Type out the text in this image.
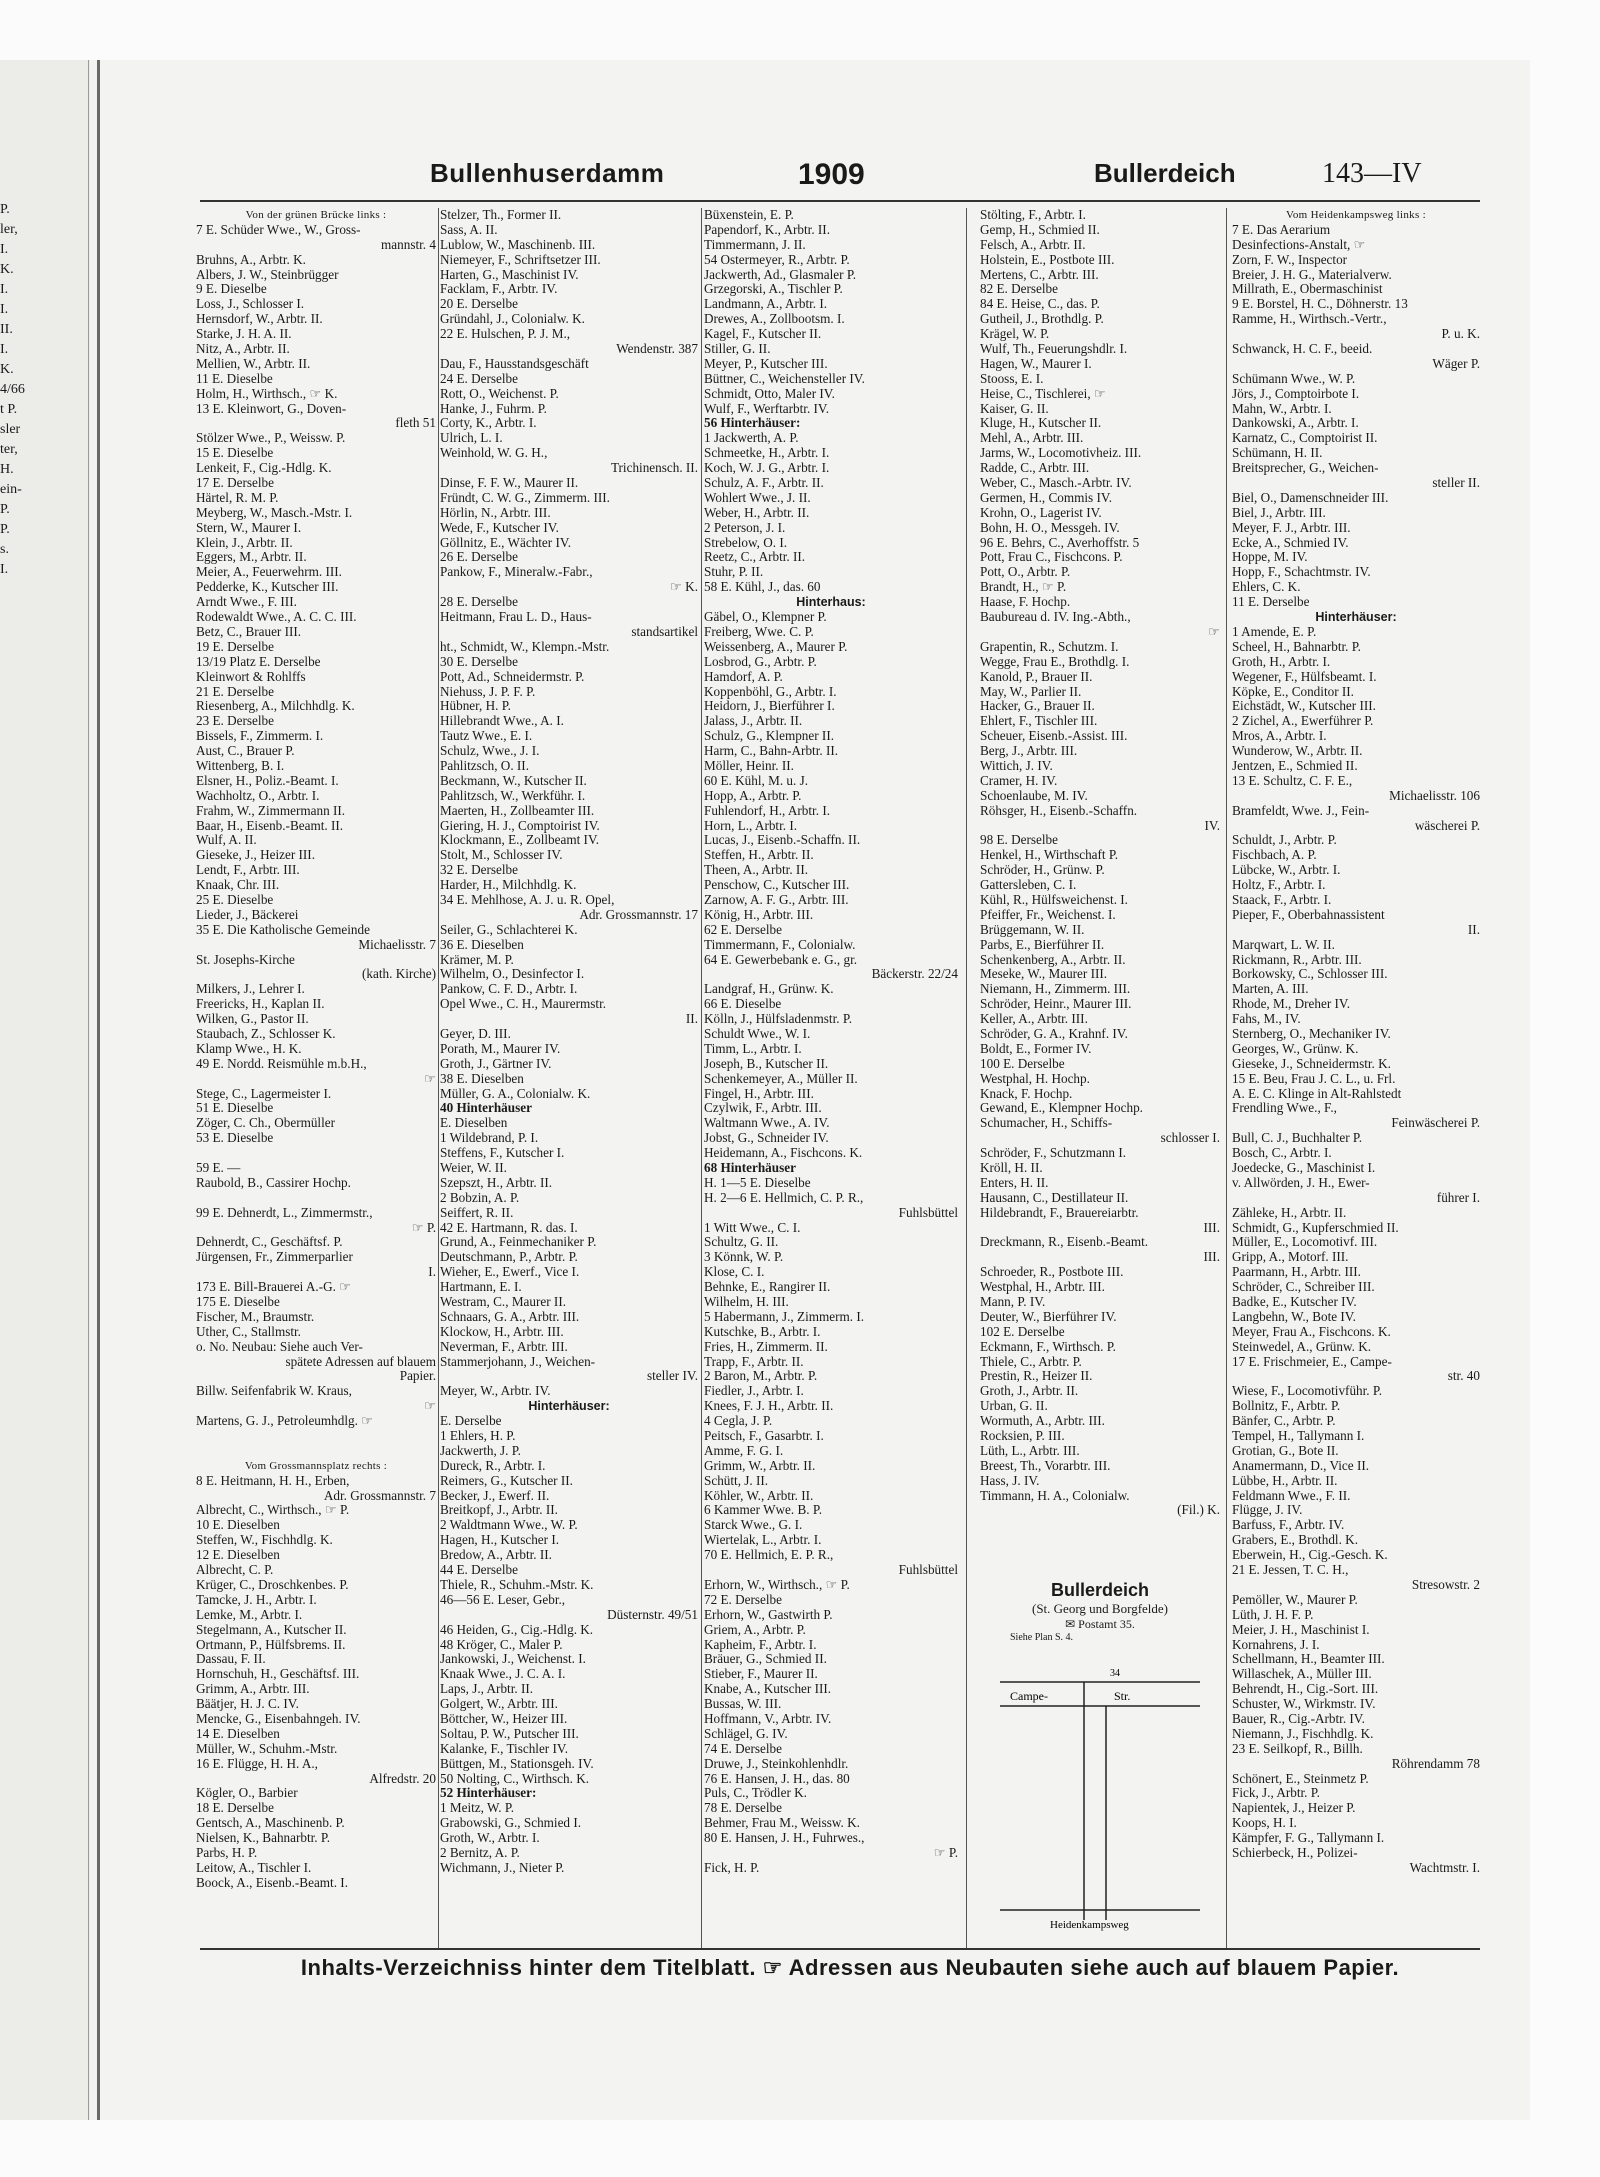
P.
ler,
I.
K.
I.
I.
II.
I.
K.
4/66
t P.
sler
ter,
H.
ein-
P.
P.
s.
I.
Bullenhuserdamm	1909	Bullerdeich	143—IV
Von der grünen Brücke links :
7 E. Schüder Wwe., W., Gross-
mannstr. 4
Bruhns, A., Arbtr. K.
Albers, J. W., Steinbrügger
9 E. Dieselbe
Loss, J., Schlosser I.
Hernsdorf, W., Arbtr. II.
Starke, J. H. A. II.
Nitz, A., Arbtr. II.
Mellien, W., Arbtr. II.
11 E. Dieselbe
Holm, H., Wirthsch., ☞ K.
13 E. Kleinwort, G., Doven-
fleth 51
Stölzer Wwe., P., Weissw. P.
15 E. Dieselbe
Lenkeit, F., Cig.-Hdlg. K.
17 E. Derselbe
Härtel, R. M. P.
Meyberg, W., Masch.-Mstr. I.
Stern, W., Maurer I.
Klein, J., Arbtr. II.
Eggers, M., Arbtr. II.
Meier, A., Feuerwehrm. III.
Pedderke, K., Kutscher III.
Arndt Wwe., F. III.
Rodewaldt Wwe., A. C. C. III.
Betz, C., Brauer III.
19 E. Derselbe
13/19 Platz E. Derselbe
Kleinwort & Rohlffs
21 E. Derselbe
Riesenberg, A., Milchhdlg. K.
23 E. Derselbe
Bissels, F., Zimmerm. I.
Aust, C., Brauer P.
Wittenberg, B. I.
Elsner, H., Poliz.-Beamt. I.
Wachholtz, O., Arbtr. I.
Frahm, W., Zimmermann II.
Baar, H., Eisenb.-Beamt. II.
Wulf, A. II.
Gieseke, J., Heizer III.
Lendt, F., Arbtr. III.
Knaak, Chr. III.
25 E. Dieselbe
Lieder, J., Bäckerei
35 E. Die Katholische Gemeinde
Michaelisstr. 7
St. Josephs-Kirche
(kath. Kirche)
Milkers, J., Lehrer I.
Freericks, H., Kaplan II.
Wilken, G., Pastor II.
Staubach, Z., Schlosser K.
Klamp Wwe., H. K.
49 E. Nordd. Reismühle m.b.H.,
☞
Stege, C., Lagermeister I.
51 E. Dieselbe
Zöger, C. Ch., Obermüller
53 E. Dieselbe
59 E. —
Raubold, B., Cassirer Hochp.
99 E. Dehnerdt, L., Zimmermstr.,
☞ P.
Dehnerdt, C., Geschäftsf. P.
Jürgensen, Fr., Zimmerparlier
I.
173 E. Bill-Brauerei A.-G. ☞
175 E. Dieselbe
Fischer, M., Braumstr.
Uther, C., Stallmstr.
o. No. Neubau: Siehe auch Ver-
spätete Adressen auf blauem
Papier.
Billw. Seifenfabrik W. Kraus,
☞
Martens, G. J., Petroleumhdlg. ☞
Vom Grossmannsplatz rechts :
8 E. Heitmann, H. H., Erben,
Adr. Grossmannstr. 7
Albrecht, C., Wirthsch., ☞ P.
10 E. Dieselben
Steffen, W., Fischhdlg. K.
12 E. Dieselben
Albrecht, C. P.
Krüger, C., Droschkenbes. P.
Tamcke, J. H., Arbtr. I.
Lemke, M., Arbtr. I.
Stegelmann, A., Kutscher II.
Ortmann, P., Hülfsbrems. II.
Dassau, F. II.
Hornschuh, H., Geschäftsf. III.
Grimm, A., Arbtr. III.
Bäätjer, H. J. C. IV.
Mencke, G., Eisenbahngeh. IV.
14 E. Dieselben
Müller, W., Schuhm.-Mstr.
16 E. Flügge, H. H. A.,
Alfredstr. 20
Kögler, O., Barbier
18 E. Derselbe
Gentsch, A., Maschinenb. P.
Nielsen, K., Bahnarbtr. P.
Parbs, H. P.
Leitow, A., Tischler I.
Boock, A., Eisenb.-Beamt. I.
Stelzer, Th., Former II.
Sass, A. II.
Lublow, W., Maschinenb. III.
Niemeyer, F., Schriftsetzer III.
Harten, G., Maschinist IV.
Facklam, F., Arbtr. IV.
20 E. Derselbe
Gründahl, J., Colonialw. K.
22 E. Hulschen, P. J. M.,
Wendenstr. 387
Dau, F., Hausstandsgeschäft
24 E. Derselbe
Rott, O., Weichenst. P.
Hanke, J., Fuhrm. P.
Corty, K., Arbtr. I.
Ulrich, L. I.
Weinhold, W. G. H.,
Trichinensch. II.
Dinse, F. F. W., Maurer II.
Fründt, C. W. G., Zimmerm. III.
Hörlin, N., Arbtr. III.
Wede, F., Kutscher IV.
Göllnitz, E., Wächter IV.
26 E. Derselbe
Pankow, F., Mineralw.-Fabr.,
☞ K.
28 E. Derselbe
Heitmann, Frau L. D., Haus-
standsartikel
ht., Schmidt, W., Klempn.-Mstr.
30 E. Derselbe
Pott, Ad., Schneidermstr. P.
Niehuss, J. P. F. P.
Hübner, H. P.
Hillebrandt Wwe., A. I.
Tautz Wwe., E. I.
Schulz, Wwe., J. I.
Pahlitzsch, O. II.
Beckmann, W., Kutscher II.
Pahlitzsch, W., Werkführ. I.
Maerten, H., Zollbeamter III.
Giering, H. J., Comptoirist IV.
Klockmann, E., Zollbeamt IV.
Stolt, M., Schlosser IV.
32 E. Derselbe
Harder, H., Milchhdlg. K.
34 E. Mehlhose, A. J. u. R. Opel,
Adr. Grossmannstr. 17
Seiler, G., Schlachterei K.
36 E. Dieselben
Krämer, M. P.
Wilhelm, O., Desinfector I.
Pankow, C. F. D., Arbtr. I.
Opel Wwe., C. H., Maurermstr.
II.
Geyer, D. III.
Porath, M., Maurer IV.
Groth, J., Gärtner IV.
38 E. Dieselben
Müller, G. A., Colonialw. K.
40 Hinterhäuser
E. Dieselben
1 Wildebrand, P. I.
Steffens, F., Kutscher I.
Weier, W. II.
Szepszt, H., Arbtr. II.
2 Bobzin, A. P.
Seiffert, R. II.
42 E. Hartmann, R. das. I.
Grund, A., Feinmechaniker P.
Deutschmann, P., Arbtr. P.
Wieher, E., Ewerf., Vice I.
Hartmann, E. I.
Westram, C., Maurer II.
Schnaars, G. A., Arbtr. III.
Klockow, H., Arbtr. III.
Neverman, F., Arbtr. III.
Stammerjohann, J., Weichen-
steller IV.
Meyer, W., Arbtr. IV.
Hinterhäuser:
E. Derselbe
1 Ehlers, H. P.
Jackwerth, J. P.
Dureck, R., Arbtr. I.
Reimers, G., Kutscher II.
Becker, J., Ewerf. II.
Breitkopf, J., Arbtr. II.
2 Waldtmann Wwe., W. P.
Hagen, H., Kutscher I.
Bredow, A., Arbtr. II.
44 E. Derselbe
Thiele, R., Schuhm.-Mstr. K.
46—56 E. Leser, Gebr.,
Düsternstr. 49/51
46 Heiden, G., Cig.-Hdlg. K.
48 Kröger, C., Maler P.
Jankowski, J., Weichenst. I.
Knaak Wwe., J. C. A. I.
Laps, J., Arbtr. II.
Golgert, W., Arbtr. III.
Böttcher, W., Heizer III.
Soltau, P. W., Putscher III.
Kalanke, F., Tischler IV.
Büttgen, M., Stationsgeh. IV.
50 Nolting, C., Wirthsch. K.
52 Hinterhäuser:
1 Meitz, W. P.
Grabowski, G., Schmied I.
Groth, W., Arbtr. I.
2 Bernitz, A. P.
Wichmann, J., Nieter P.
Büxenstein, E. P.
Papendorf, K., Arbtr. II.
Timmermann, J. II.
54 Ostermeyer, R., Arbtr. P.
Jackwerth, Ad., Glasmaler P.
Grzegorski, A., Tischler P.
Landmann, A., Arbtr. I.
Drewes, A., Zollbootsm. I.
Kagel, F., Kutscher II.
Stiller, G. II.
Meyer, P., Kutscher III.
Büttner, C., Weichensteller IV.
Schmidt, Otto, Maler IV.
Wulf, F., Werftarbtr. IV.
56 Hinterhäuser:
1 Jackwerth, A. P.
Schmeetke, H., Arbtr. I.
Koch, W. J. G., Arbtr. I.
Schulz, A. F., Arbtr. II.
Wohlert Wwe., J. II.
Weber, H., Arbtr. II.
2 Peterson, J. I.
Strebelow, O. I.
Reetz, C., Arbtr. II.
Stuhr, P. II.
58 E. Kühl, J., das. 60
Hinterhaus:
Gäbel, O., Klempner P.
Freiberg, Wwe. C. P.
Weissenberg, A., Maurer P.
Losbrod, G., Arbtr. P.
Hamdorf, A. P.
Koppenböhl, G., Arbtr. I.
Heidorn, J., Bierführer I.
Jalass, J., Arbtr. II.
Schulz, G., Klempner II.
Harm, C., Bahn-Arbtr. II.
Möller, Heinr. II.
60 E. Kühl, M. u. J.
Hopp, A., Arbtr. P.
Fuhlendorf, H., Arbtr. I.
Horn, L., Arbtr. I.
Lucas, J., Eisenb.-Schaffn. II.
Steffen, H., Arbtr. II.
Theen, A., Arbtr. II.
Penschow, C., Kutscher III.
Zarnow, A. F. G., Arbtr. III.
König, H., Arbtr. III.
62 E. Derselbe
Timmermann, F., Colonialw.
64 E. Gewerbebank e. G., gr.
Bäckerstr. 22/24
Landgraf, H., Grünw. K.
66 E. Dieselbe
Kölln, J., Hülfsladenmstr. P.
Schuldt Wwe., W. I.
Timm, L., Arbtr. I.
Joseph, B., Kutscher II.
Schenkemeyer, A., Müller II.
Fingel, H., Arbtr. III.
Czylwik, F., Arbtr. III.
Waltmann Wwe., A. IV.
Jobst, G., Schneider IV.
Heidemann, A., Fischcons. K.
68 Hinterhäuser
H. 1—5 E. Dieselbe
H. 2—6 E. Hellmich, C. P. R.,
Fuhlsbüttel
1 Witt Wwe., C. I.
Schultz, G. II.
3 Könnk, W. P.
Klose, C. I.
Behnke, E., Rangirer II.
Wilhelm, H. III.
5 Habermann, J., Zimmerm. I.
Kutschke, B., Arbtr. I.
Fries, H., Zimmerm. II.
Trapp, F., Arbtr. II.
2 Baron, M., Arbtr. P.
Fiedler, J., Arbtr. I.
Knees, F. J. H., Arbtr. II.
4 Cegla, J. P.
Peitsch, F., Gasarbtr. I.
Amme, F. G. I.
Grimm, W., Arbtr. II.
Schütt, J. II.
Köhler, W., Arbtr. II.
6 Kammer Wwe. B. P.
Starck Wwe., G. I.
Wiertelak, L., Arbtr. I.
70 E. Hellmich, E. P. R.,
Fuhlsbüttel
Erhorn, W., Wirthsch., ☞ P.
72 E. Derselbe
Erhorn, W., Gastwirth P.
Griem, A., Arbtr. P.
Kapheim, F., Arbtr. I.
Bräuer, G., Schmied II.
Stieber, F., Maurer II.
Knabe, A., Kutscher III.
Bussas, W. III.
Hoffmann, V., Arbtr. IV.
Schlägel, G. IV.
74 E. Derselbe
Druwe, J., Steinkohlenhdlr.
76 E. Hansen, J. H., das. 80
Puls, C., Trödler K.
78 E. Derselbe
Behmer, Frau M., Weissw. K.
80 E. Hansen, J. H., Fuhrwes.,
☞ P.
Fick, H. P.
Stölting, F., Arbtr. I.
Gemp, H., Schmied II.
Felsch, A., Arbtr. II.
Holstein, E., Postbote III.
Mertens, C., Arbtr. III.
82 E. Derselbe
84 E. Heise, C., das. P.
Gutheil, J., Brothdlg. P.
Krägel, W. P.
Wulf, Th., Feuerungshdlr. I.
Hagen, W., Maurer I.
Stooss, E. I.
Heise, C., Tischlerei, ☞
Kaiser, G. II.
Kluge, H., Kutscher II.
Mehl, A., Arbtr. III.
Jarms, W., Locomotivheiz. III.
Radde, C., Arbtr. III.
Weber, C., Masch.-Arbtr. IV.
Germen, H., Commis IV.
Krohn, O., Lagerist IV.
Bohn, H. O., Messgeh. IV.
96 E. Behrs, C., Averhoffstr. 5
Pott, Frau C., Fischcons. P.
Pott, O., Arbtr. P.
Brandt, H., ☞ P.
Haase, F. Hochp.
Baubureau d. IV. Ing.-Abth.,
☞
Grapentin, R., Schutzm. I.
Wegge, Frau E., Brothdlg. I.
Kanold, P., Brauer II.
May, W., Parlier II.
Hacker, G., Brauer II.
Ehlert, F., Tischler III.
Scheuer, Eisenb.-Assist. III.
Berg, J., Arbtr. III.
Wittich, J. IV.
Cramer, H. IV.
Schoenlaube, M. IV.
Röhsger, H., Eisenb.-Schaffn.
IV.
98 E. Derselbe
Henkel, H., Wirthschaft P.
Schröder, H., Grünw. P.
Gattersleben, C. I.
Kühl, R., Hülfsweichenst. I.
Pfeiffer, Fr., Weichenst. I.
Brüggemann, W. II.
Parbs, E., Bierführer II.
Schenkenberg, A., Arbtr. II.
Meseke, W., Maurer III.
Niemann, H., Zimmerm. III.
Schröder, Heinr., Maurer III.
Keller, A., Arbtr. III.
Schröder, G. A., Krahnf. IV.
Boldt, E., Former IV.
100 E. Derselbe
Westphal, H. Hochp.
Knack, F. Hochp.
Gewand, E., Klempner Hochp.
Schumacher, H., Schiffs-
schlosser I.
Schröder, F., Schutzmann I.
Kröll, H. II.
Enters, H. II.
Hausann, C., Destillateur II.
Hildebrandt, F., Brauereiarbtr.
III.
Dreckmann, R., Eisenb.-Beamt.
III.
Schroeder, R., Postbote III.
Westphal, H., Arbtr. III.
Mann, P. IV.
Deuter, W., Bierführer IV.
102 E. Derselbe
Eckmann, F., Wirthsch. P.
Thiele, C., Arbtr. P.
Prestin, R., Heizer II.
Groth, J., Arbtr. II.
Urban, G. II.
Wormuth, A., Arbtr. III.
Rocksien, P. III.
Lüth, L., Arbtr. III.
Breest, Th., Vorarbtr. III.
Hass, J. IV.
Timmann, H. A., Colonialw.
(Fil.) K.
Vom Heidenkampsweg links :
7 E. Das Aerarium
Desinfections-Anstalt, ☞
Zorn, F. W., Inspector
Breier, J. H. G., Materialverw.
Millrath, E., Obermaschinist
9 E. Borstel, H. C., Döhnerstr. 13
Ramme, H., Wirthsch.-Vertr.,
P. u. K.
Schwanck, H. C. F., beeid.
Wäger P.
Schümann Wwe., W. P.
Jörs, J., Comptoirbote I.
Mahn, W., Arbtr. I.
Dankowski, A., Arbtr. I.
Karnatz, C., Comptoirist II.
Schümann, H. II.
Breitsprecher, G., Weichen-
steller II.
Biel, O., Damenschneider III.
Biel, J., Arbtr. III.
Meyer, F. J., Arbtr. III.
Ecke, A., Schmied IV.
Hoppe, M. IV.
Hopp, F., Schachtmstr. IV.
Ehlers, C. K.
11 E. Derselbe
Hinterhäuser:
1 Amende, E. P.
Scheel, H., Bahnarbtr. P.
Groth, H., Arbtr. I.
Wegener, F., Hülfsbeamt. I.
Köpke, E., Conditor II.
Eichstädt, W., Kutscher III.
2 Zichel, A., Ewerführer P.
Mros, A., Arbtr. I.
Wunderow, W., Arbtr. II.
Jentzen, E., Schmied II.
13 E. Schultz, C. F. E.,
Michaelisstr. 106
Bramfeldt, Wwe. J., Fein-
wäscherei P.
Schuldt, J., Arbtr. P.
Fischbach, A. P.
Lübcke, W., Arbtr. I.
Holtz, F., Arbtr. I.
Staack, F., Arbtr. I.
Pieper, F., Oberbahnassistent
II.
Marqwart, L. W. II.
Rickmann, R., Arbtr. III.
Borkowsky, C., Schlosser III.
Marten, A. III.
Rhode, M., Dreher IV.
Fahs, M., IV.
Sternberg, O., Mechaniker IV.
Georges, W., Grünw. K.
Gieseke, J., Schneidermstr. K.
15 E. Beu, Frau J. C. L., u. Frl.
A. E. C. Klinge in Alt-Rahlstedt
Frendling Wwe., F.,
Feinwäscherei P.
Bull, C. J., Buchhalter P.
Bosch, C., Arbtr. I.
Joedecke, G., Maschinist I.
v. Allwörden, J. H., Ewer-
führer I.
Zähleke, H., Arbtr. II.
Schmidt, G., Kupferschmied II.
Müller, E., Locomotivf. III.
Gripp, A., Motorf. III.
Paarmann, H., Arbtr. III.
Schröder, C., Schreiber III.
Badke, E., Kutscher IV.
Langbehn, W., Bote IV.
Meyer, Frau A., Fischcons. K.
Steinwedel, A., Grünw. K.
17 E. Frischmeier, E., Campe-
str. 40
Wiese, F., Locomotivführ. P.
Bollnitz, F., Arbtr. P.
Bänfer, C., Arbtr. P.
Tempel, H., Tallymann I.
Grotian, G., Bote II.
Anamermann, D., Vice II.
Lübbe, H., Arbtr. II.
Feldmann Wwe., F. II.
Flügge, J. IV.
Barfuss, F., Arbtr. IV.
Grabers, E., Brothdl. K.
Eberwein, H., Cig.-Gesch. K.
21 E. Jessen, T. C. H.,
Stresowstr. 2
Pemöller, W., Maurer P.
Lüth, J. H. F. P.
Meier, J. H., Maschinist I.
Kornahrens, J. I.
Schellmann, H., Beamter III.
Willaschek, A., Müller III.
Behrendt, H., Cig.-Sort. III.
Schuster, W., Wirkmstr. IV.
Bauer, R., Cig.-Arbtr. IV.
Niemann, J., Fischhdlg. K.
23 E. Seilkopf, R., Billh.
Röhrendamm 78
Schönert, E., Steinmetz P.
Fick, J., Arbtr. P.
Napientek, J., Heizer P.
Koops, H. I.
Kämpfer, F. G., Tallymann I.
Schierbeck, H., Polizei-
Wachtmstr. I.
Bullerdeich
(St. Georg und Borgfelde)
✉ Postamt 35.
Siehe Plan S. 4.
Campe-	Str.
34
Heidenkampsweg
Inhalts-Verzeichniss hinter dem Titelblatt. ☞ Adressen aus Neubauten siehe auch auf blauem Papier.
